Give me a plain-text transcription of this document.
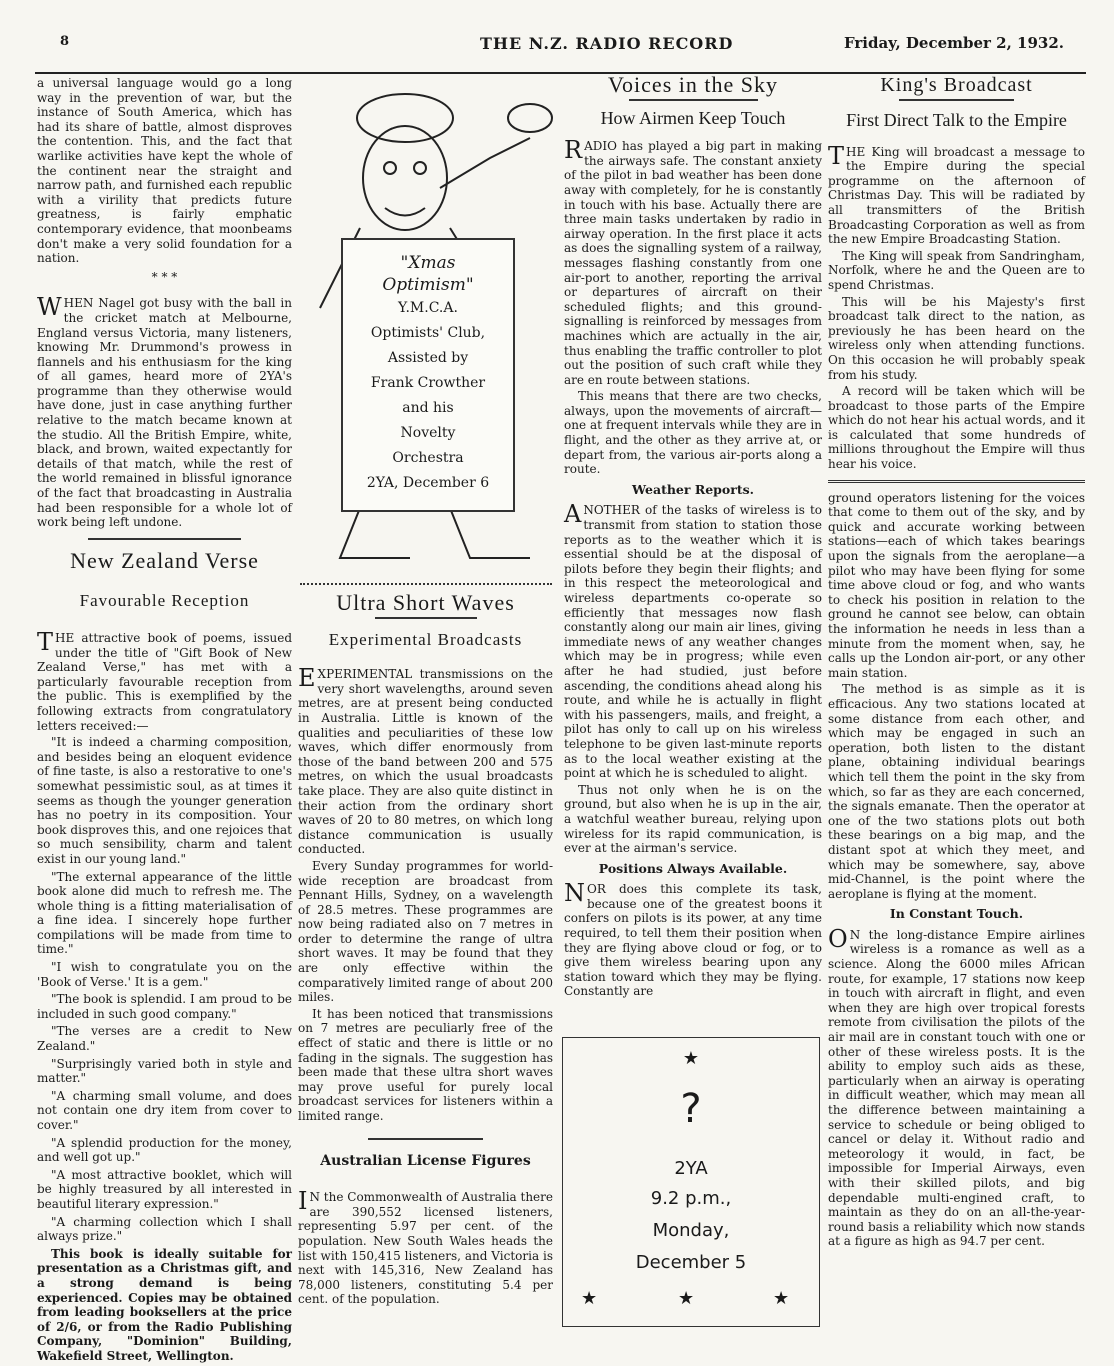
8	THE N.Z. RADIO RECORD	Friday, December 2, 1932.

a universal language would go a long way in the prevention of war, but the instance of South America, which has had its share of battle, almost disproves the contention. This, and the fact that warlike activities have kept the whole of the continent near the straight and narrow path, and furnished each republic with a virility that predicts future greatness, is fairly emphatic contemporary evidence, that moonbeams don't make a very solid foundation for a nation.

* * *

WHEN Nagel got busy with the ball in the cricket match at Melbourne, England versus Victoria, many listeners, knowing Mr. Drummond's prowess in flannels and his enthusiasm for the king of all games, heard more of 2YA's programme than they otherwise would have done, just in case anything further relative to the match became known at the studio. All the British Empire, white, black, and brown, waited expectantly for details of that match, while the rest of the world remained in blissful ignorance of the fact that broadcasting in Australia had been responsible for a whole lot of work being left undone.

New Zealand Verse
Favourable Reception

THE attractive book of poems, issued under the title of "Gift Book of New Zealand Verse," has met with a particularly favourable reception from the public. This is exemplified by the following extracts from congratulatory letters received:—

"It is indeed a charming composition, and besides being an eloquent evidence of fine taste, is also a restorative to one's somewhat pessimistic soul, as at times it seems as though the younger generation has no poetry in its composition. Your book disproves this, and one rejoices that so much sensibility, charm and talent exist in our young land."

"The external appearance of the little book alone did much to refresh me. The whole thing is a fitting materialisation of a fine idea. I sincerely hope further compilations will be made from time to time."

"I wish to congratulate you on the 'Book of Verse.' It is a gem."

"The book is splendid. I am proud to be included in such good company."

"The verses are a credit to New Zealand."

"Surprisingly varied both in style and matter."

"A charming small volume, and does not contain one dry item from cover to cover."

"A splendid production for the money, and well got up."

"A most attractive booklet, which will be highly treasured by all interested in beautiful literary expression."

"A charming collection which I shall always prize."

This book is ideally suitable for presentation as a Christmas gift, and a strong demand is being experienced. Copies may be obtained from leading booksellers at the price of 2/6, or from the Radio Publishing Company, "Dominion" Building, Wakefield Street, Wellington.

"Xmas
Optimism"
Y.M.C.A.
Optimists' Club,
Assisted by
Frank Crowther
and his
Novelty
Orchestra
2YA, December 6
Ultra Short Waves
Experimental Broadcasts

EXPERIMENTAL transmissions on the very short wavelengths, around seven metres, are at present being conducted in Australia. Little is known of the qualities and peculiarities of these low waves, which differ enormously from those of the band between 200 and 575 metres, on which the usual broadcasts take place. They are also quite distinct in their action from the ordinary short waves of 20 to 80 metres, on which long distance communication is usually conducted.

Every Sunday programmes for world-wide reception are broadcast from Pennant Hills, Sydney, on a wavelength of 28.5 metres. These programmes are now being radiated also on 7 metres in order to determine the range of ultra short waves. It may be found that they are only effective within the comparatively limited range of about 200 miles.

It has been noticed that transmissions on 7 metres are peculiarly free of the effect of static and there is little or no fading in the signals. The suggestion has been made that these ultra short waves may prove useful for purely local broadcast services for listeners within a limited range.

Australian License Figures

I N the Commonwealth of Australia there are 390,552 licensed listeners, representing 5.97 per cent. of the population. New South Wales heads the list with 150,415 listeners, and Victoria is next with 145,316, New Zealand has 78,000 listeners, constituting 5.4 per cent. of the population.

Voices in the Sky
How Airmen Keep Touch

RADIO has played a big part in making the airways safe. The constant anxiety of the pilot in bad weather has been done away with completely, for he is constantly in touch with his base. Actually there are three main tasks undertaken by radio in airway operation. In the first place it acts as does the signalling system of a railway, messages flashing constantly from one air-port to another, reporting the arrival or departures of aircraft on their scheduled flights; and this ground-signalling is reinforced by messages from machines which are actually in the air, thus enabling the traffic controller to plot out the position of such craft while they are en route between stations.

This means that there are two checks, always, upon the movements of aircraft—one at frequent intervals while they are in flight, and the other as they arrive at, or depart from, the various air-ports along a route.

Weather Reports.

ANOTHER of the tasks of wireless is to transmit from station to station those reports as to the weather which it is essential should be at the disposal of pilots before they begin their flights; and in this respect the meteorological and wireless departments co-operate so efficiently that messages now flash constantly along our main air lines, giving immediate news of any weather changes which may be in progress; while even after he had studied, just before ascending, the conditions ahead along his route, and while he is actually in flight with his passengers, mails, and freight, a pilot has only to call up on his wireless telephone to be given last-minute reports as to the local weather existing at the point at which he is scheduled to alight.

Thus not only when he is on the ground, but also when he is up in the air, a watchful weather bureau, relying upon wireless for its rapid communication, is ever at the airman's service.

Positions Always Available.

NOR does this complete its task, because one of the greatest boons it confers on pilots is its power, at any time required, to tell them their position when they are flying above cloud or fog, or to give them wireless bearing upon any station toward which they may be flying. Constantly are

★
?
2YA
9.2 p.m.,
Monday,
December 5
★	★	★
King's Broadcast
First Direct Talk to the Empire

THE King will broadcast a message to the Empire during the special programme on the afternoon of Christmas Day. This will be radiated by all transmitters of the British Broadcasting Corporation as well as from the new Empire Broadcasting Station.

The King will speak from Sandringham, Norfolk, where he and the Queen are to spend Christmas.

This will be his Majesty's first broadcast talk direct to the nation, as previously he has been heard on the wireless only when attending functions. On this occasion he will probably speak from his study.

A record will be taken which will be broadcast to those parts of the Empire which do not hear his actual words, and it is calculated that some hundreds of millions throughout the Empire will thus hear his voice.

ground operators listening for the voices that come to them out of the sky, and by quick and accurate working between stations—each of which takes bearings upon the signals from the aeroplane—a pilot who may have been flying for some time above cloud or fog, and who wants to check his position in relation to the ground he cannot see below, can obtain the information he needs in less than a minute from the moment when, say, he calls up the London air-port, or any other main station.

The method is as simple as it is efficacious. Any two stations located at some distance from each other, and which may be engaged in such an operation, both listen to the distant plane, obtaining individual bearings which tell them the point in the sky from which, so far as they are each concerned, the signals emanate. Then the operator at one of the two stations plots out both these bearings on a big map, and the distant spot at which they meet, and which may be somewhere, say, above mid-Channel, is the point where the aeroplane is flying at the moment.

In Constant Touch.

O N the long-distance Empire airlines wireless is a romance as well as a science. Along the 6000 miles African route, for example, 17 stations now keep in touch with aircraft in flight, and even when they are high over tropical forests remote from civilisation the pilots of the air mail are in constant touch with one or other of these wireless posts. It is the ability to employ such aids as these, particularly when an airway is operating in difficult weather, which may mean all the difference between maintaining a service to schedule or being obliged to cancel or delay it. Without radio and meteorology it would, in fact, be impossible for Imperial Airways, even with their skilled pilots, and big dependable multi-engined craft, to maintain as they do on an all-the-year-round basis a reliability which now stands at a figure as high as 94.7 per cent.
